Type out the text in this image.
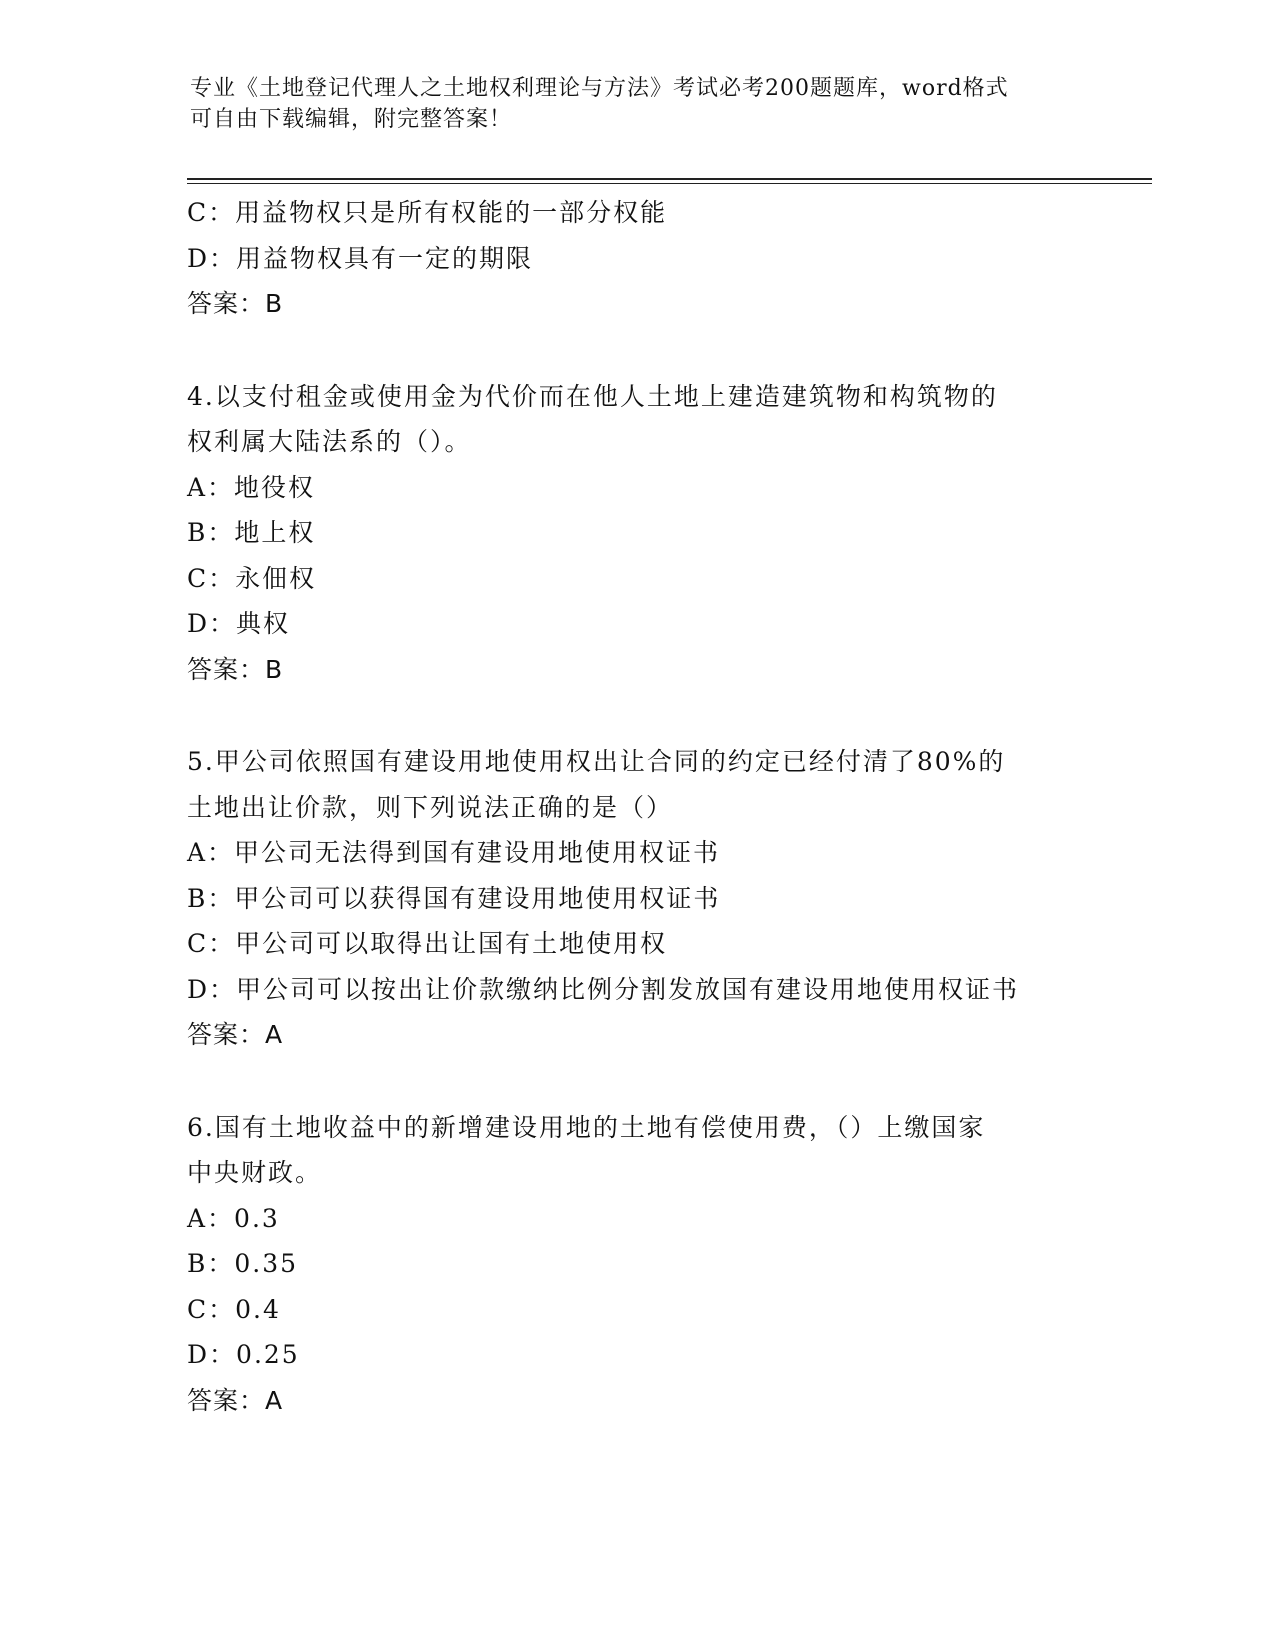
专业《土地登记代理人之土地权利理论与方法》考试必考200题题库，word格式
可自由下载编辑，附完整答案！
C：用益物权只是所有权能的一部分权能
D：用益物权具有一定的期限
答案：B
4.以支付租金或使用金为代价而在他人土地上建造建筑物和构筑物的
权利属大陆法系的（）。
A：地役权
B：地上权
C：永佃权
D：典权
答案：B
5.甲公司依照国有建设用地使用权出让合同的约定已经付清了80%的
土地出让价款，则下列说法正确的是（）
A：甲公司无法得到国有建设用地使用权证书
B：甲公司可以获得国有建设用地使用权证书
C：甲公司可以取得出让国有土地使用权
D：甲公司可以按出让价款缴纳比例分割发放国有建设用地使用权证书
答案：A
6.国有土地收益中的新增建设用地的土地有偿使用费，（）上缴国家
中央财政。
A：0.3
B：0.35
C：0.4
D：0.25
答案：A
